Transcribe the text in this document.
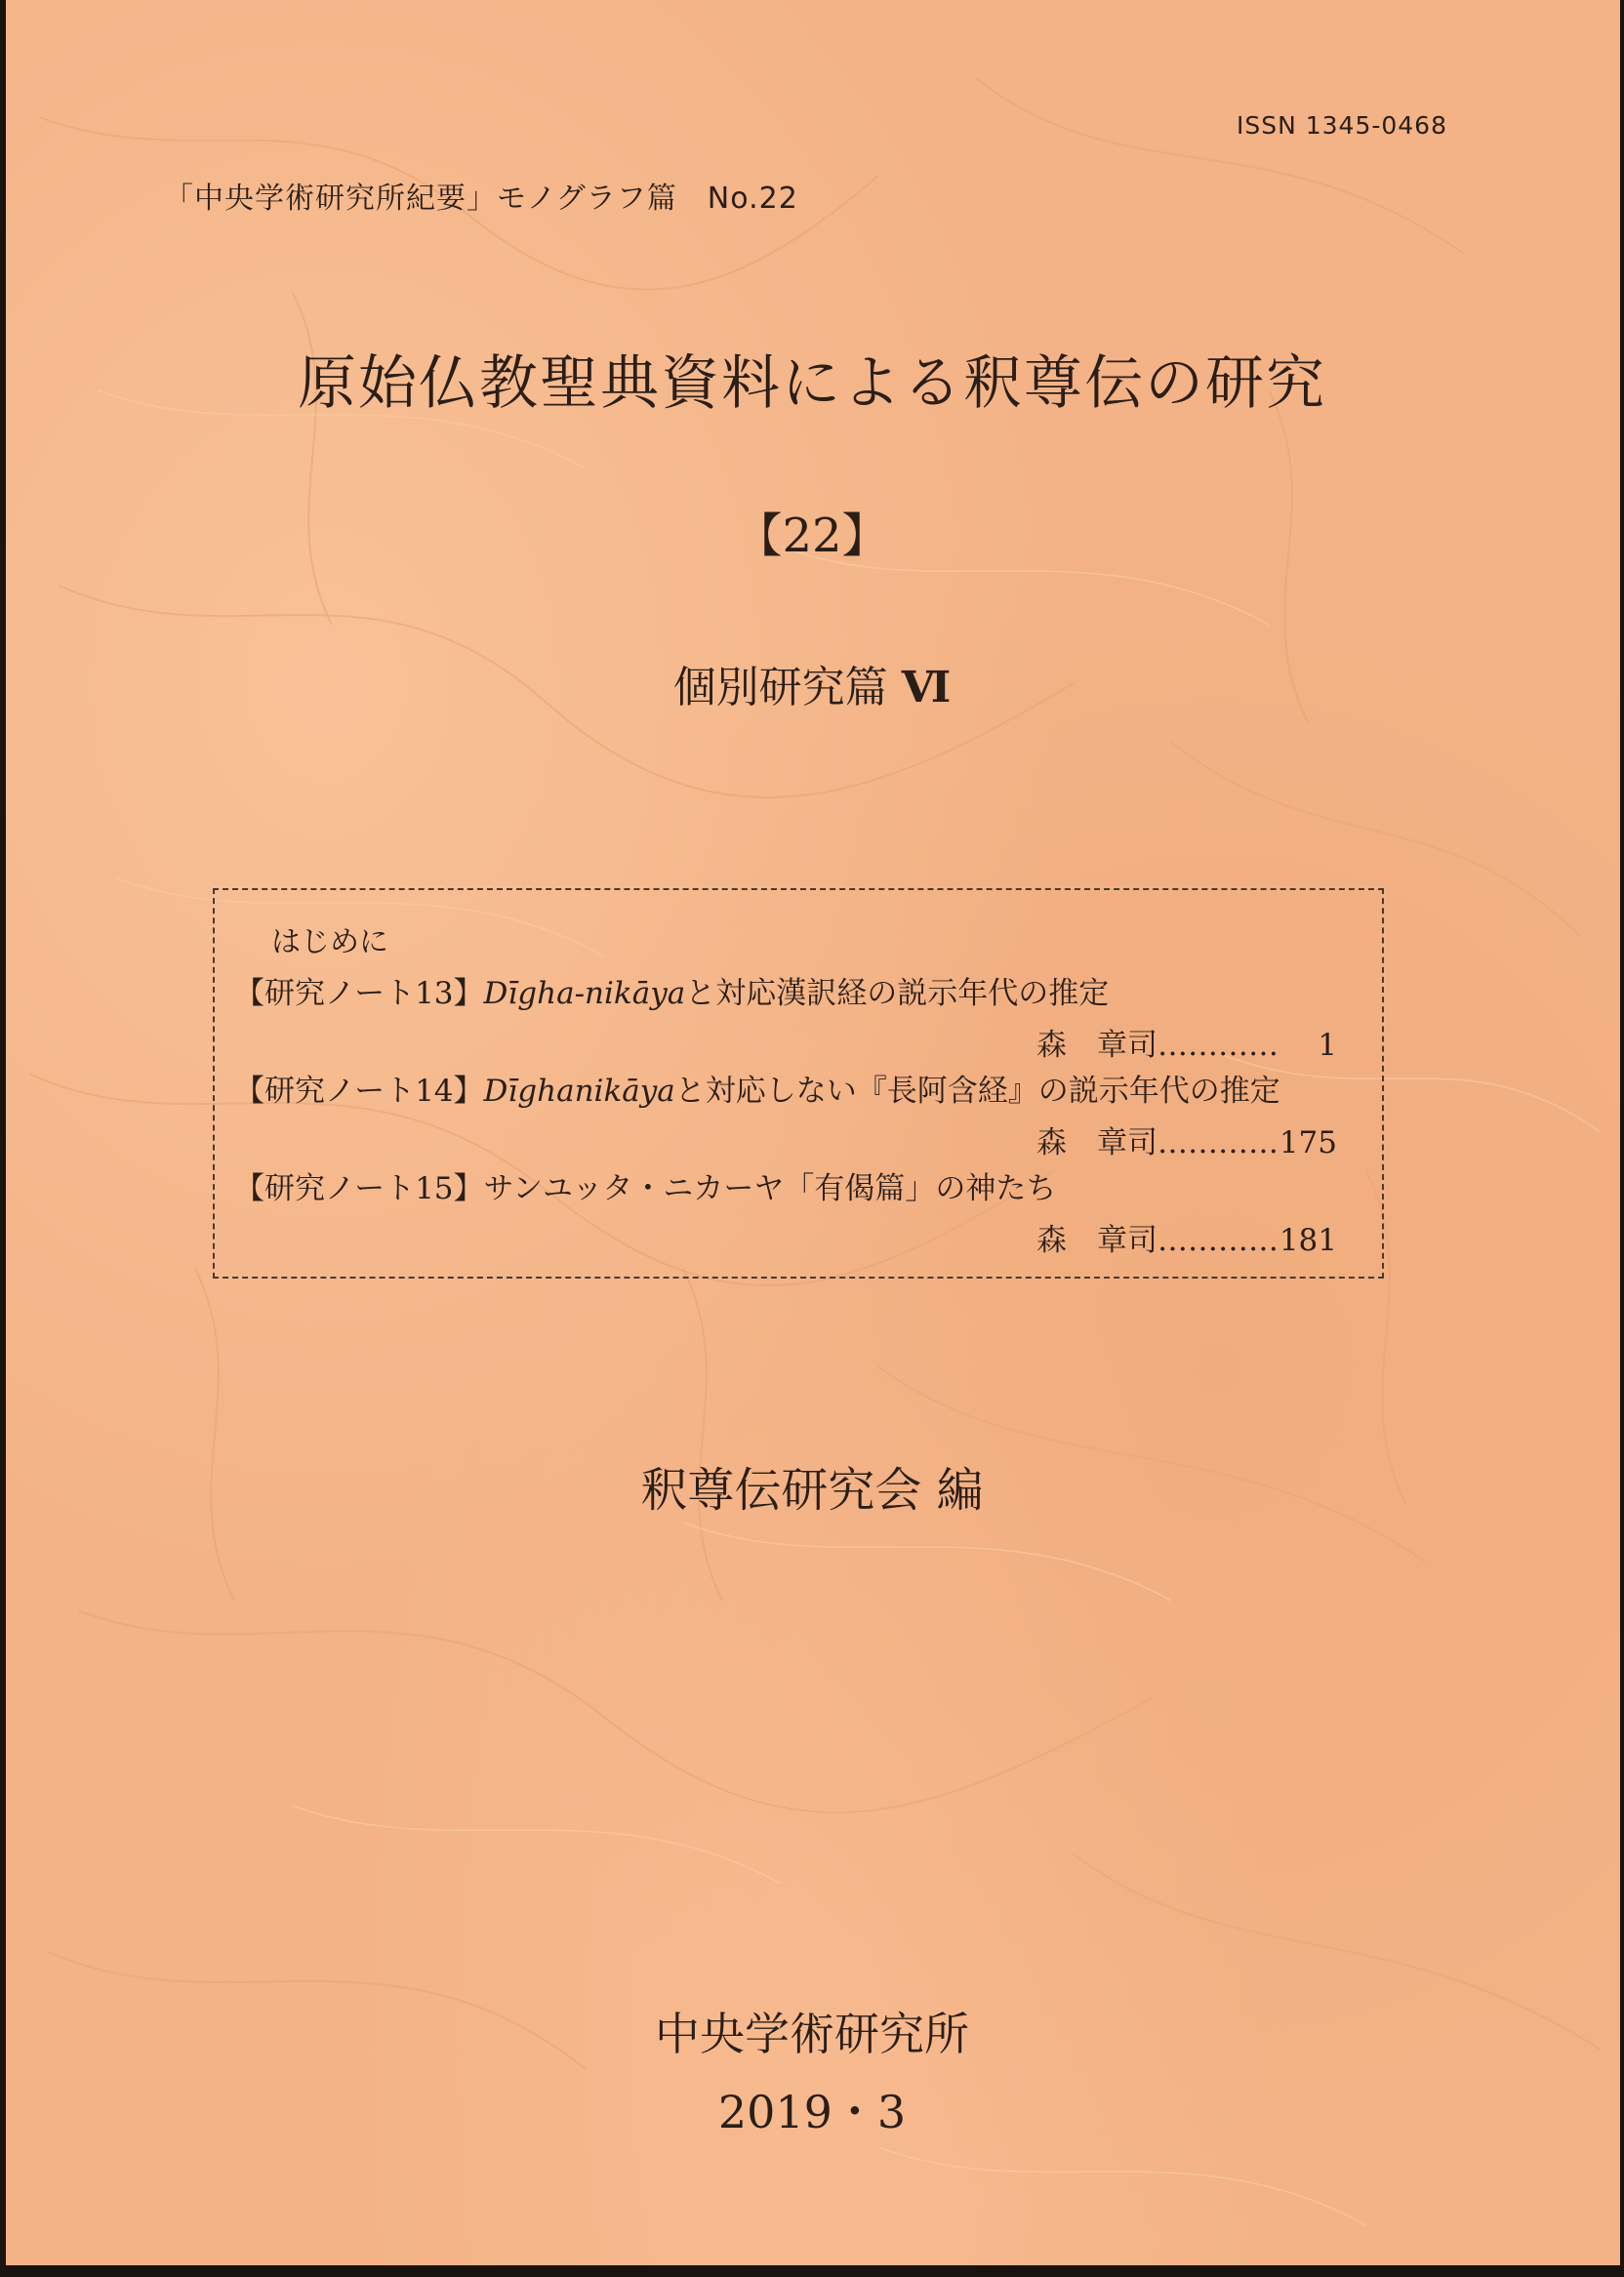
ISSN 1345-0468
「中央学術研究所紀要」モノグラフ篇　No.22
原始仏教聖典資料による釈尊伝の研究
【22】
個別研究篇 Ⅵ
はじめに
【研究ノート13】Dīgha-nikāyaと対応漢訳経の説示年代の推定
森　章司………… 1
【研究ノート14】Dīghanikāyaと対応しない『長阿含経』の説示年代の推定
森　章司…………175
【研究ノート15】サンユッタ・ニカーヤ「有偈篇」の神たち
森　章司…………181
釈尊伝研究会 編
中央学術研究所
2019・3
